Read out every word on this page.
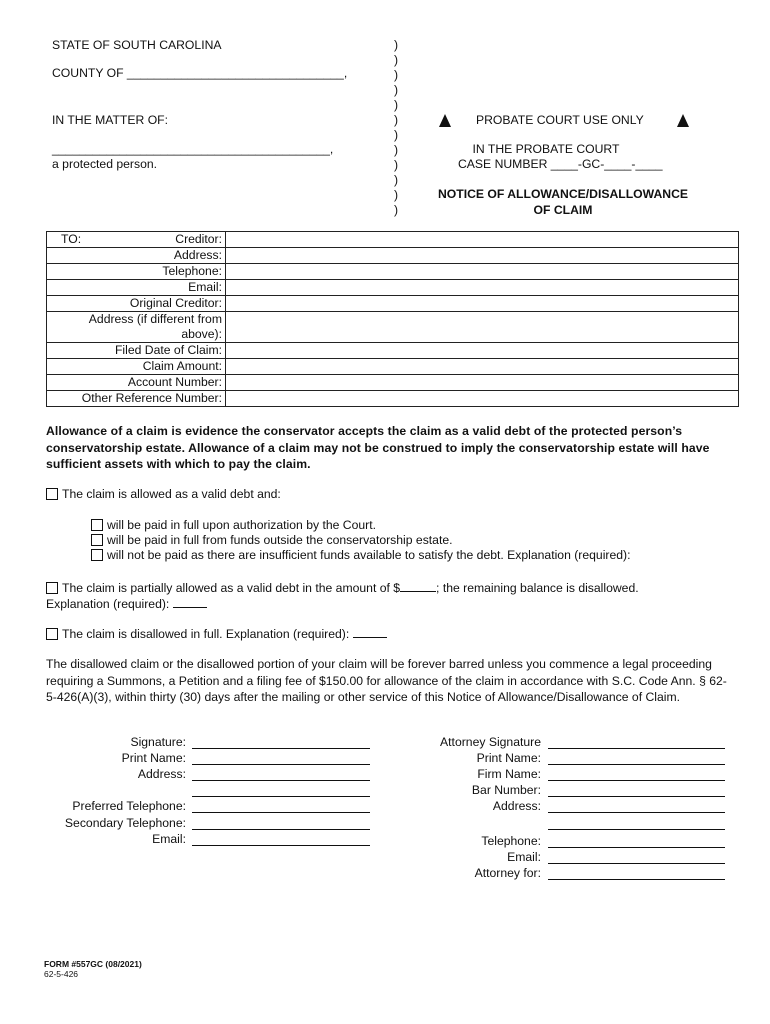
STATE OF SOUTH CAROLINA
COUNTY OF ________________________________,
IN THE MATTER OF:
_________________________________________,
a protected person.
)
)
)
)
)
)
)
)
)
)
)
)
PROBATE COURT USE ONLY
IN THE PROBATE COURT
CASE NUMBER ____-GC-____-____
NOTICE OF ALLOWANCE/DISALLOWANCE
OF CLAIM
TO: Creditor:	
Address:	
Telephone:	
Email:	
Original Creditor:	
Address (if different from above):	
Filed Date of Claim:	
Claim Amount:	
Account Number:	
Other Reference Number:	
Allowance of a claim is evidence the conservator accepts the claim as a valid debt of the protected person’s conservatorship estate. Allowance of a claim may not be construed to imply the conservatorship estate will have sufficient assets with which to pay the claim.
The claim is allowed as a valid debt and:
will be paid in full upon authorization by the Court.
will be paid in full from funds outside the conservatorship estate.
will not be paid as there are insufficient funds available to satisfy the debt. Explanation (required):
The claim is partially allowed as a valid debt in the amount of $	; the remaining balance is disallowed.
Explanation (required):
The claim is disallowed in full. Explanation (required):
The disallowed claim or the disallowed portion of your claim will be forever barred unless you commence a legal proceeding requiring a Summons, a Petition and a filing fee of $150.00 for allowance of the claim in accordance with S.C. Code Ann. § 62-5-426(A)(3), within thirty (30) days after the mailing or other service of this Notice of Allowance/Disallowance of Claim.
Signature:
Print Name:
Address:
Preferred Telephone:
Secondary Telephone:
Email:
Attorney Signature
Print Name:
Firm Name:
Bar Number:
Address:
Telephone:
Email:
Attorney for:
FORM #557GC (08/2021)
62-5-426
